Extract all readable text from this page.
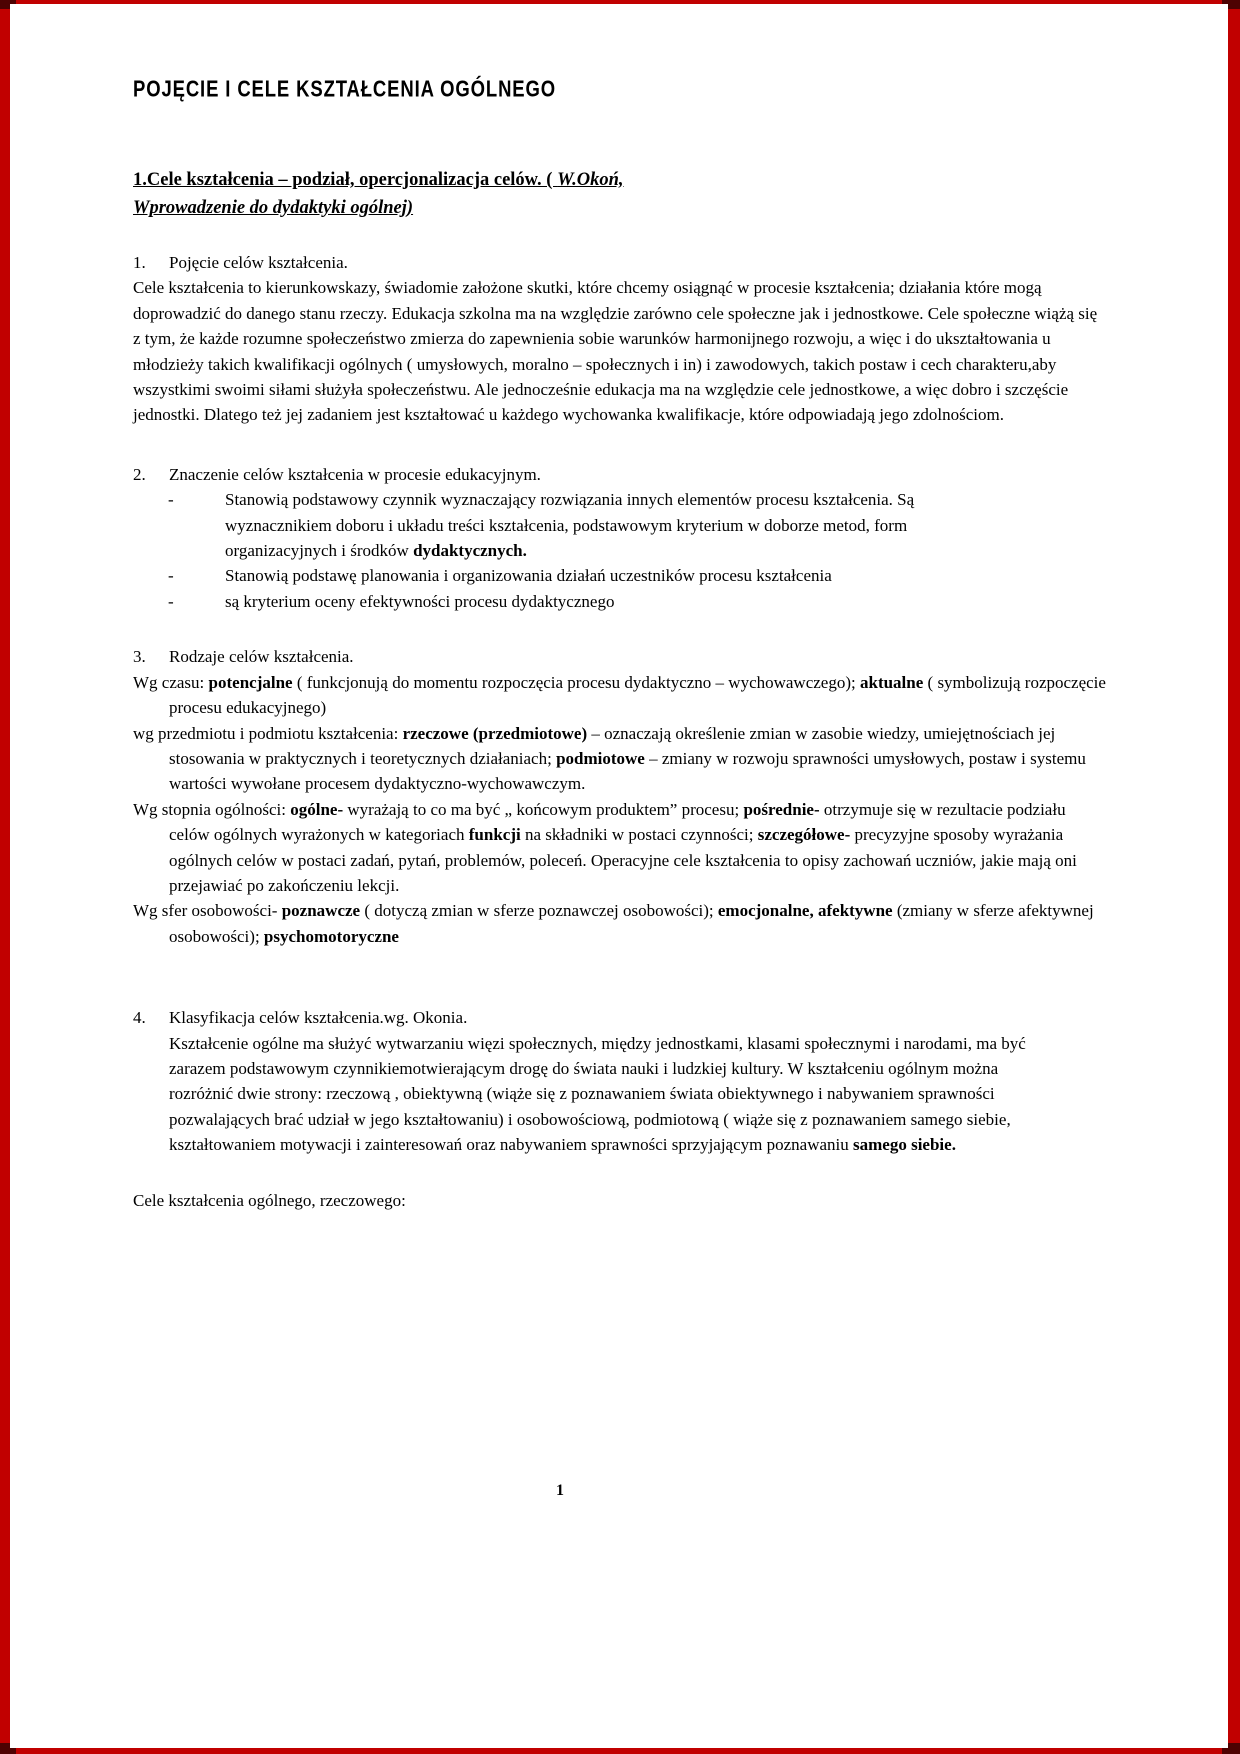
POJĘCIE I CELE KSZTAŁCENIA OGÓLNEGO
1.Cele kształcenia – podział, opercjonalizacja celów. ( W.Okoń,
Wprowadzenie do dydaktyki ogólnej)
1.	Pojęcie celów kształcenia.
Cele kształcenia to kierunkowskazy, świadomie założone skutki, które chcemy osiągnąć w procesie kształcenia; działania które mogą doprowadzić do danego stanu rzeczy. Edukacja szkolna ma na względzie zarówno cele społeczne jak i jednostkowe. Cele społeczne wiążą się z tym, że każde rozumne społeczeństwo zmierza do zapewnienia sobie warunków harmonijnego rozwoju, a więc i do ukształtowania u młodzieży takich kwalifikacji ogólnych ( umysłowych, moralno – społecznych i in) i zawodowych, takich postaw i cech charakteru,aby wszystkimi swoimi siłami służyła społeczeństwu. Ale jednocześnie edukacja ma na względzie cele jednostkowe, a więc dobro i szczęście jednostki. Dlatego też jej zadaniem jest kształtować u każdego wychowanka kwalifikacje, które odpowiadają jego zdolnościom.
2.	Znaczenie celów kształcenia w procesie edukacyjnym.
-	Stanowią podstawowy czynnik wyznaczający rozwiązania innych elementów procesu kształcenia. Są wyznacznikiem doboru i układu treści kształcenia, podstawowym kryterium w doborze metod, form organizacyjnych i środków dydaktycznych.
-	Stanowią podstawę planowania i organizowania działań uczestników procesu kształcenia
-	są kryterium oceny efektywności procesu dydaktycznego
3.	Rodzaje celów kształcenia.
Wg czasu: potencjalne ( funkcjonują do momentu rozpoczęcia procesu dydaktyczno – wychowawczego); aktualne ( symbolizują rozpoczęcie procesu edukacyjnego)
wg przedmiotu i podmiotu kształcenia: rzeczowe (przedmiotowe) – oznaczają określenie zmian w zasobie wiedzy, umiejętnościach jej stosowania w praktycznych i teoretycznych działaniach; podmiotowe – zmiany w rozwoju sprawności umysłowych, postaw i systemu wartości wywołane procesem dydaktyczno-wychowawczym.
Wg stopnia ogólności: ogólne- wyrażają to co ma być „ końcowym produktem” procesu; pośrednie- otrzymuje się w rezultacie podziału celów ogólnych wyrażonych w kategoriach funkcji na składniki w postaci czynności; szczegółowe- precyzyjne sposoby wyrażania ogólnych celów w postaci zadań, pytań, problemów, poleceń. Operacyjne cele kształcenia to opisy zachowań uczniów, jakie mają oni przejawiać po zakończeniu lekcji.
Wg sfer osobowości- poznawcze ( dotyczą zmian w sferze poznawczej osobowości); emocjonalne, afektywne (zmiany w sferze afektywnej osobowości); psychomotoryczne
4.	Klasyfikacja celów kształcenia.wg. Okonia.
Kształcenie ogólne ma służyć wytwarzaniu więzi społecznych, między jednostkami, klasami społecznymi i narodami, ma być zarazem podstawowym czynnikiemotwierającym drogę do świata nauki i ludzkiej kultury. W kształceniu ogólnym można rozróżnić dwie strony: rzeczową , obiektywną (wiąże się z poznawaniem świata obiektywnego i nabywaniem sprawności pozwalających brać udział w jego kształtowaniu) i osobowościową, podmiotową ( wiąże się z poznawaniem samego siebie, kształtowaniem motywacji i zainteresowań oraz nabywaniem sprawności sprzyjającym poznawaniu samego siebie.
Cele kształcenia ogólnego, rzeczowego:
1
